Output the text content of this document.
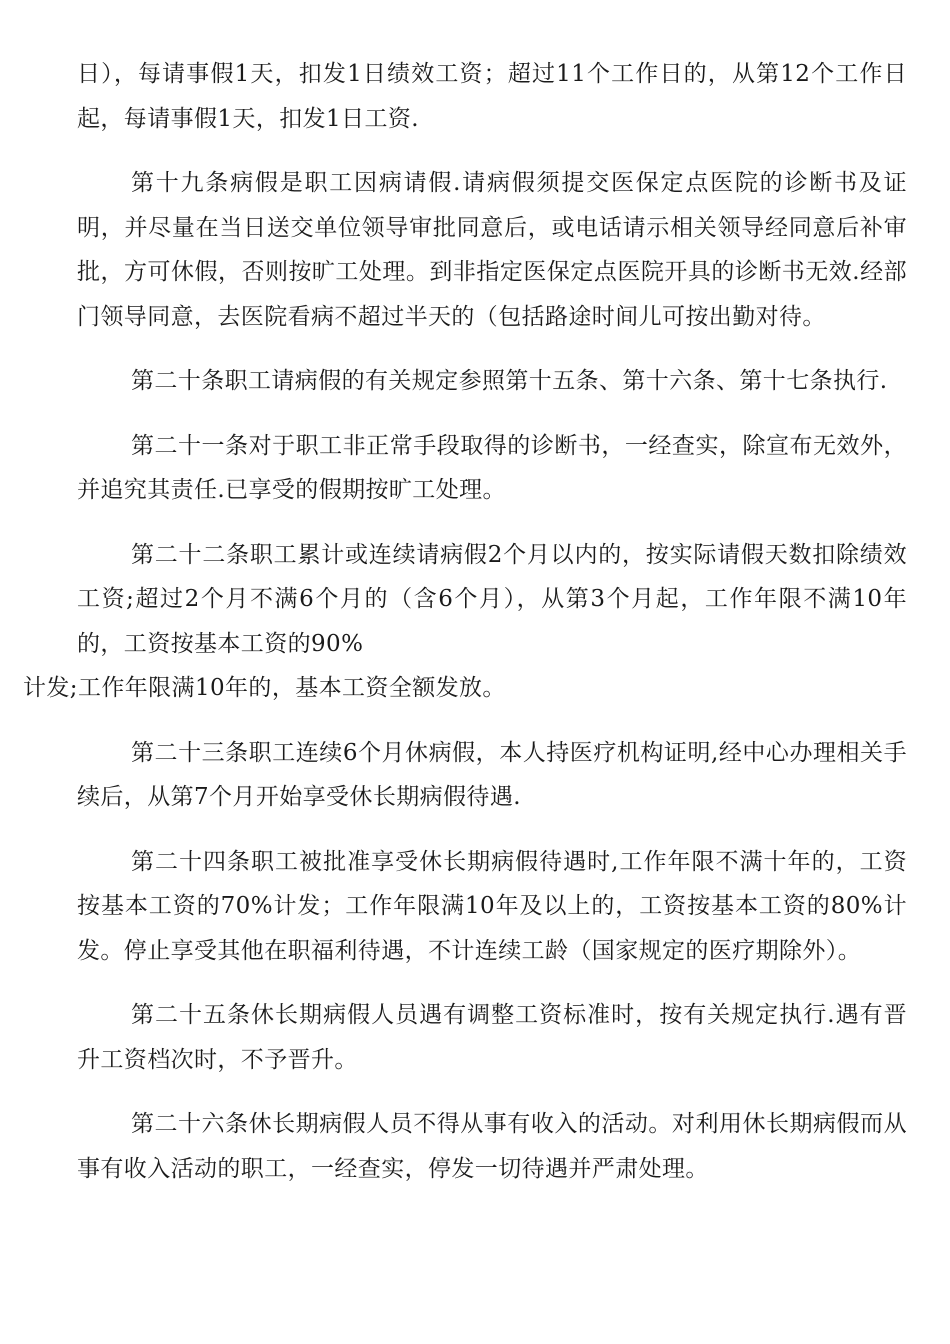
日），每请事假1天，扣发1日绩效工资；超过11个工作日的，从第12个工作日起，每请事假1天，扣发1日工资.

第十九条病假是职工因病请假.请病假须提交医保定点医院的诊断书及证明，并尽量在当日送交单位领导审批同意后，或电话请示相关领导经同意后补审批，方可休假，否则按旷工处理。到非指定医保定点医院开具的诊断书无效.经部门领导同意，去医院看病不超过半天的（包括路途时间儿可按出勤对待。

第二十条职工请病假的有关规定参照第十五条、第十六条、第十七条执行.

第二十一条对于职工非正常手段取得的诊断书，一经查实，除宣布无效外，并追究其责任.已享受的假期按旷工处理。

第二十二条职工累计或连续请病假2个月以内的，按实际请假天数扣除绩效工资;超过2个月不满6个月的（含6个月），从第3个月起，工作年限不满10年的，工资按基本工资的90%
计发;工作年限满10年的，基本工资全额发放。

第二十三条职工连续6个月休病假，本人持医疗机构证明,经中心办理相关手续后，从第7个月开始享受休长期病假待遇.

第二十四条职工被批准享受休长期病假待遇时,工作年限不满十年的，工资按基本工资的70%计发；工作年限满10年及以上的，工资按基本工资的80%计发。停止享受其他在职福利待遇，不计连续工龄（国家规定的医疗期除外）。

第二十五条休长期病假人员遇有调整工资标准时，按有关规定执行.遇有晋升工资档次时，不予晋升。

第二十六条休长期病假人员不得从事有收入的活动。对利用休长期病假而从事有收入活动的职工，一经查实，停发一切待遇并严肃处理。
